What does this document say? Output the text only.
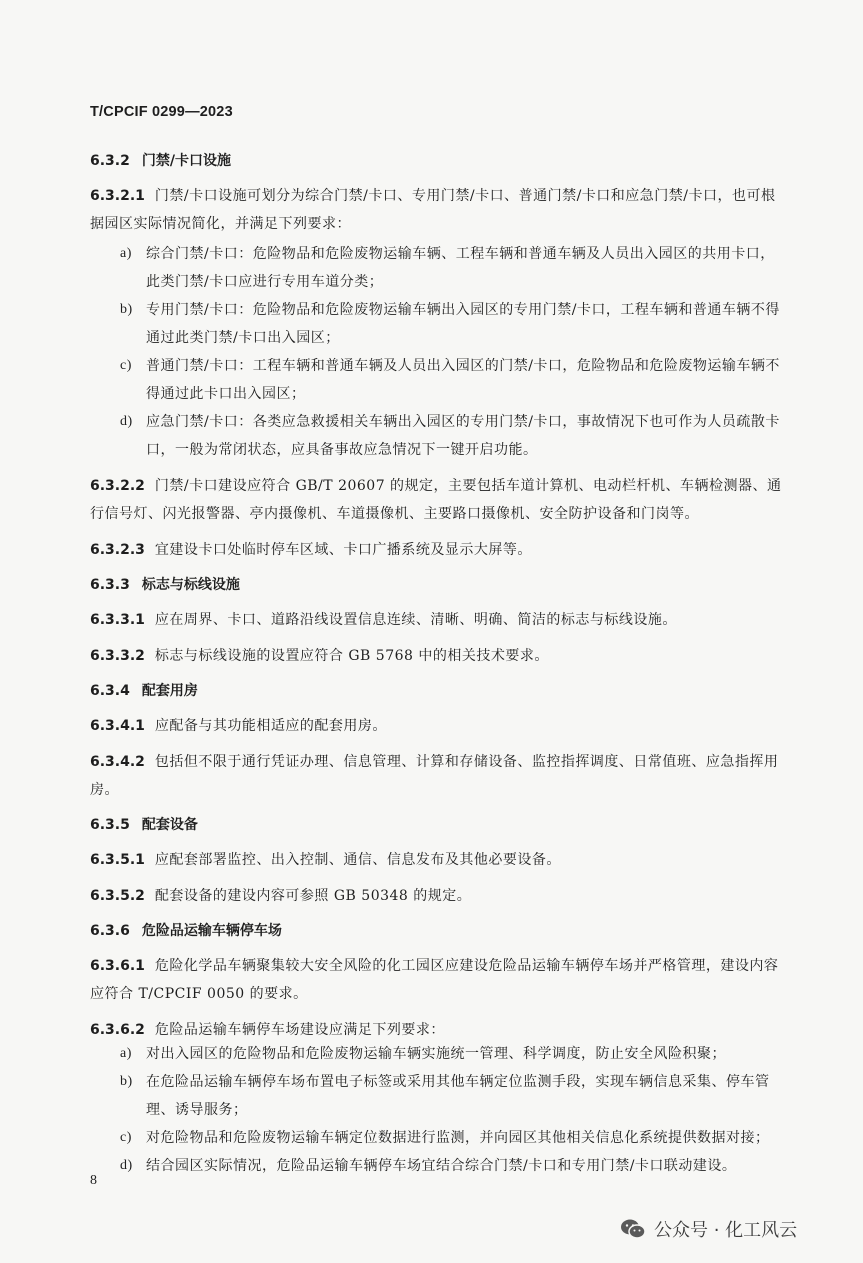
T/CPCIF 0299—2023
6.3.2 门禁/卡口设施
6.3.2.1 门禁/卡口设施可划分为综合门禁/卡口、专用门禁/卡口、普通门禁/卡口和应急门禁/卡口，也可根据园区实际情况简化，并满足下列要求：
a) 综合门禁/卡口：危险物品和危险废物运输车辆、工程车辆和普通车辆及人员出入园区的共用卡口，此类门禁/卡口应进行专用车道分类；
b) 专用门禁/卡口：危险物品和危险废物运输车辆出入园区的专用门禁/卡口，工程车辆和普通车辆不得通过此类门禁/卡口出入园区；
c) 普通门禁/卡口：工程车辆和普通车辆及人员出入园区的门禁/卡口，危险物品和危险废物运输车辆不得通过此卡口出入园区；
d) 应急门禁/卡口：各类应急救援相关车辆出入园区的专用门禁/卡口，事故情况下也可作为人员疏散卡口，一般为常闭状态，应具备事故应急情况下一键开启功能。
6.3.2.2 门禁/卡口建设应符合 GB/T 20607 的规定，主要包括车道计算机、电动栏杆机、车辆检测器、通行信号灯、闪光报警器、亭内摄像机、车道摄像机、主要路口摄像机、安全防护设备和门岗等。
6.3.2.3 宜建设卡口处临时停车区域、卡口广播系统及显示大屏等。
6.3.3 标志与标线设施
6.3.3.1 应在周界、卡口、道路沿线设置信息连续、清晰、明确、简洁的标志与标线设施。
6.3.3.2 标志与标线设施的设置应符合 GB 5768 中的相关技术要求。
6.3.4 配套用房
6.3.4.1 应配备与其功能相适应的配套用房。
6.3.4.2 包括但不限于通行凭证办理、信息管理、计算和存储设备、监控指挥调度、日常值班、应急指挥用房。
6.3.5 配套设备
6.3.5.1 应配套部署监控、出入控制、通信、信息发布及其他必要设备。
6.3.5.2 配套设备的建设内容可参照 GB 50348 的规定。
6.3.6 危险品运输车辆停车场
6.3.6.1 危险化学品车辆聚集较大安全风险的化工园区应建设危险品运输车辆停车场并严格管理，建设内容应符合 T/CPCIF 0050 的要求。
6.3.6.2 危险品运输车辆停车场建设应满足下列要求：
a) 对出入园区的危险物品和危险废物运输车辆实施统一管理、科学调度，防止安全风险积聚；
b) 在危险品运输车辆停车场布置电子标签或采用其他车辆定位监测手段，实现车辆信息采集、停车管理、诱导服务；
c) 对危险物品和危险废物运输车辆定位数据进行监测，并向园区其他相关信息化系统提供数据对接；
d) 结合园区实际情况，危险品运输车辆停车场宜结合综合门禁/卡口和专用门禁/卡口联动建设。
8
公众号 · 化工风云
